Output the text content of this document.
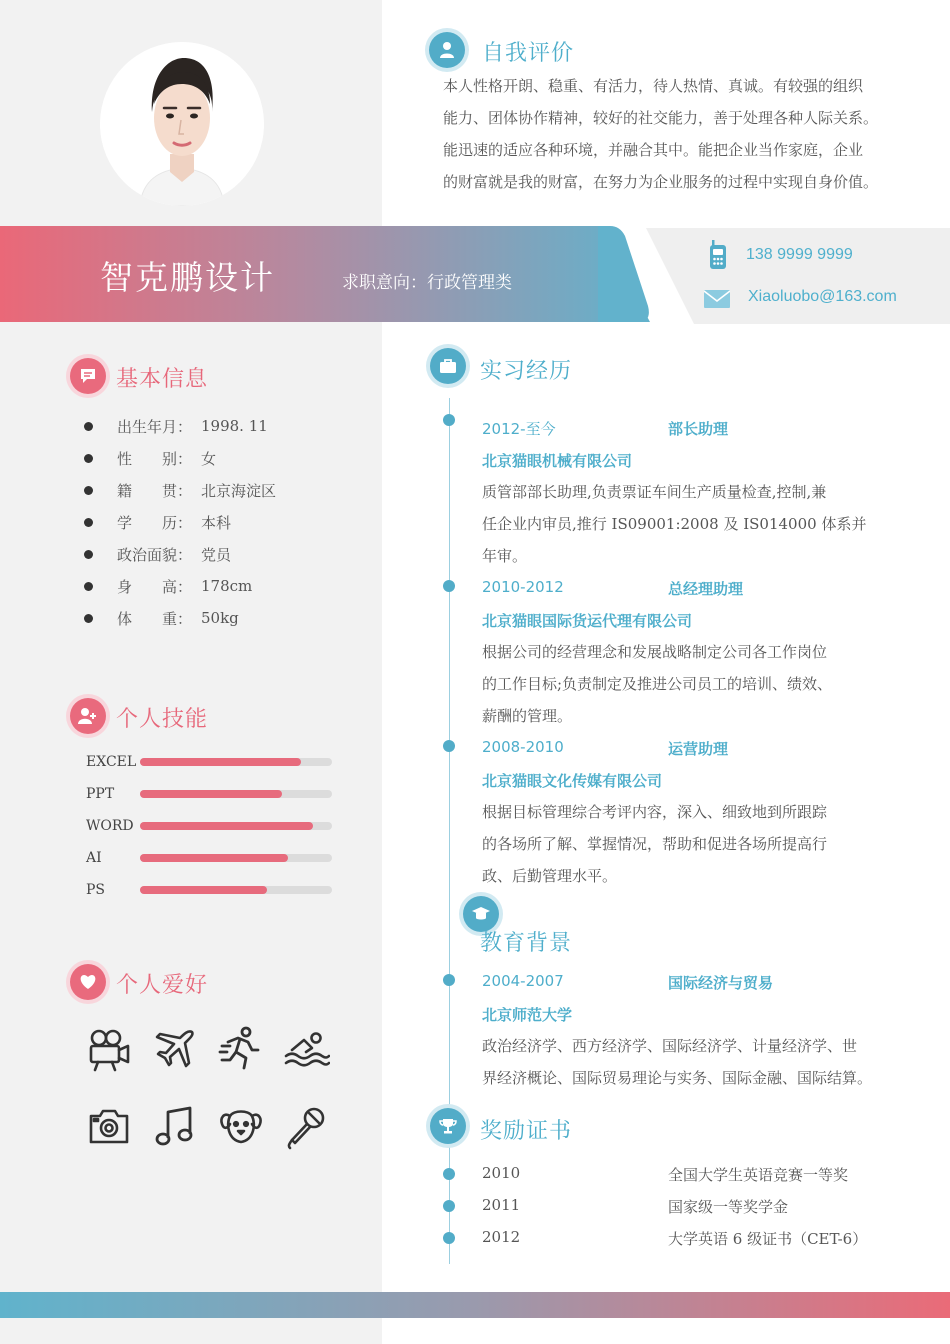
智克鹏设计	求职意向：行政管理类
138 9999 9999
Xiaoluobo@163.com
自我评价
本人性格开朗、稳重、有活力，待人热情、真诚。有较强的组织
能力、团体协作精神，较好的社交能力，善于处理各种人际关系。
能迅速的适应各种环境，并融合其中。能把企业当作家庭，企业
的财富就是我的财富，在努力为企业服务的过程中实现自身价值。
基本信息
出生年月： 1998. 11
性　　别： 女
籍　　贯： 北京海淀区
学　　历： 本科
政治面貌： 党员
身　　高： 178cm
体　　重： 50kg
个人技能
EXCEL
PPT
WORD
AI
PS
个人爱好
实习经历
2012-至今	部长助理
北京猫眼机械有限公司
质管部部长助理,负责票证车间生产质量检查,控制,兼
任企业内审员,推行 IS09001:2008 及 IS014000 体系并
年审。
2010-2012	总经理助理
北京猫眼国际货运代理有限公司
根据公司的经营理念和发展战略制定公司各工作岗位
的工作目标;负责制定及推进公司员工的培训、绩效、
薪酬的管理。
2008-2010	运营助理
北京猫眼文化传媒有限公司
根据目标管理综合考评内容，深入、细致地到所跟踪
的各场所了解、掌握情况，帮助和促进各场所提高行
政、后勤管理水平。
教育背景
2004-2007	国际经济与贸易
北京师范大学
政治经济学、西方经济学、国际经济学、计量经济学、世
界经济概论、国际贸易理论与实务、国际金融、国际结算。
奖励证书
2010	全国大学生英语竞赛一等奖
2011	国家级一等奖学金
2012	大学英语 6 级证书（CET-6）
